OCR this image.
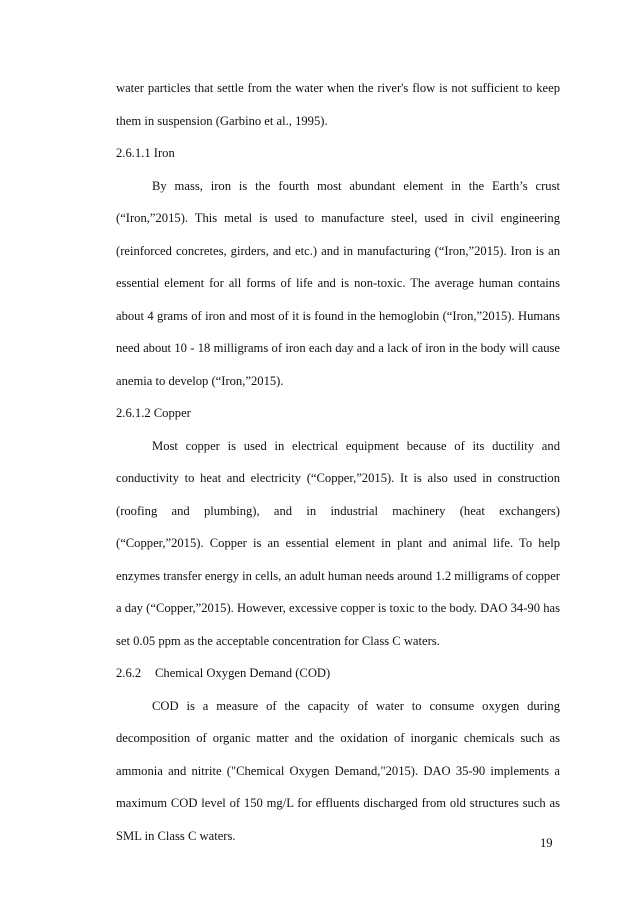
water particles that settle from the water when the river's flow is not sufficient to keep them in suspension (Garbino et al., 1995).

2.6.1.1 Iron

By mass, iron is the fourth most abundant element in the Earth’s crust (“Iron,”2015). This metal is used to manufacture steel, used in civil engineering (reinforced concretes, girders, and etc.) and in manufacturing (“Iron,”2015). Iron is an essential element for all forms of life and is non-toxic. The average human contains about 4 grams of iron and most of it is found in the hemoglobin (“Iron,”2015). Humans need about 10 - 18 milligrams of iron each day and a lack of iron in the body will cause anemia to develop (“Iron,”2015).

2.6.1.2 Copper

Most copper is used in electrical equipment because of its ductility and conductivity to heat and electricity (“Copper,”2015). It is also used in construction (roofing and plumbing), and in industrial machinery (heat exchangers) (“Copper,”2015). Copper is an essential element in plant and animal life. To help enzymes transfer energy in cells, an adult human needs around 1.2 milligrams of copper a day (“Copper,”2015). However, excessive copper is toxic to the body. DAO 34-90 has set 0.05 ppm as the acceptable concentration for Class C waters.

2.6.2 Chemical Oxygen Demand (COD)

COD is a measure of the capacity of water to consume oxygen during decomposition of organic matter and the oxidation of inorganic chemicals such as ammonia and nitrite ("Chemical Oxygen Demand,"2015). DAO 35-90 implements a maximum COD level of 150 mg/L for effluents discharged from old structures such as SML in Class C waters.

19
